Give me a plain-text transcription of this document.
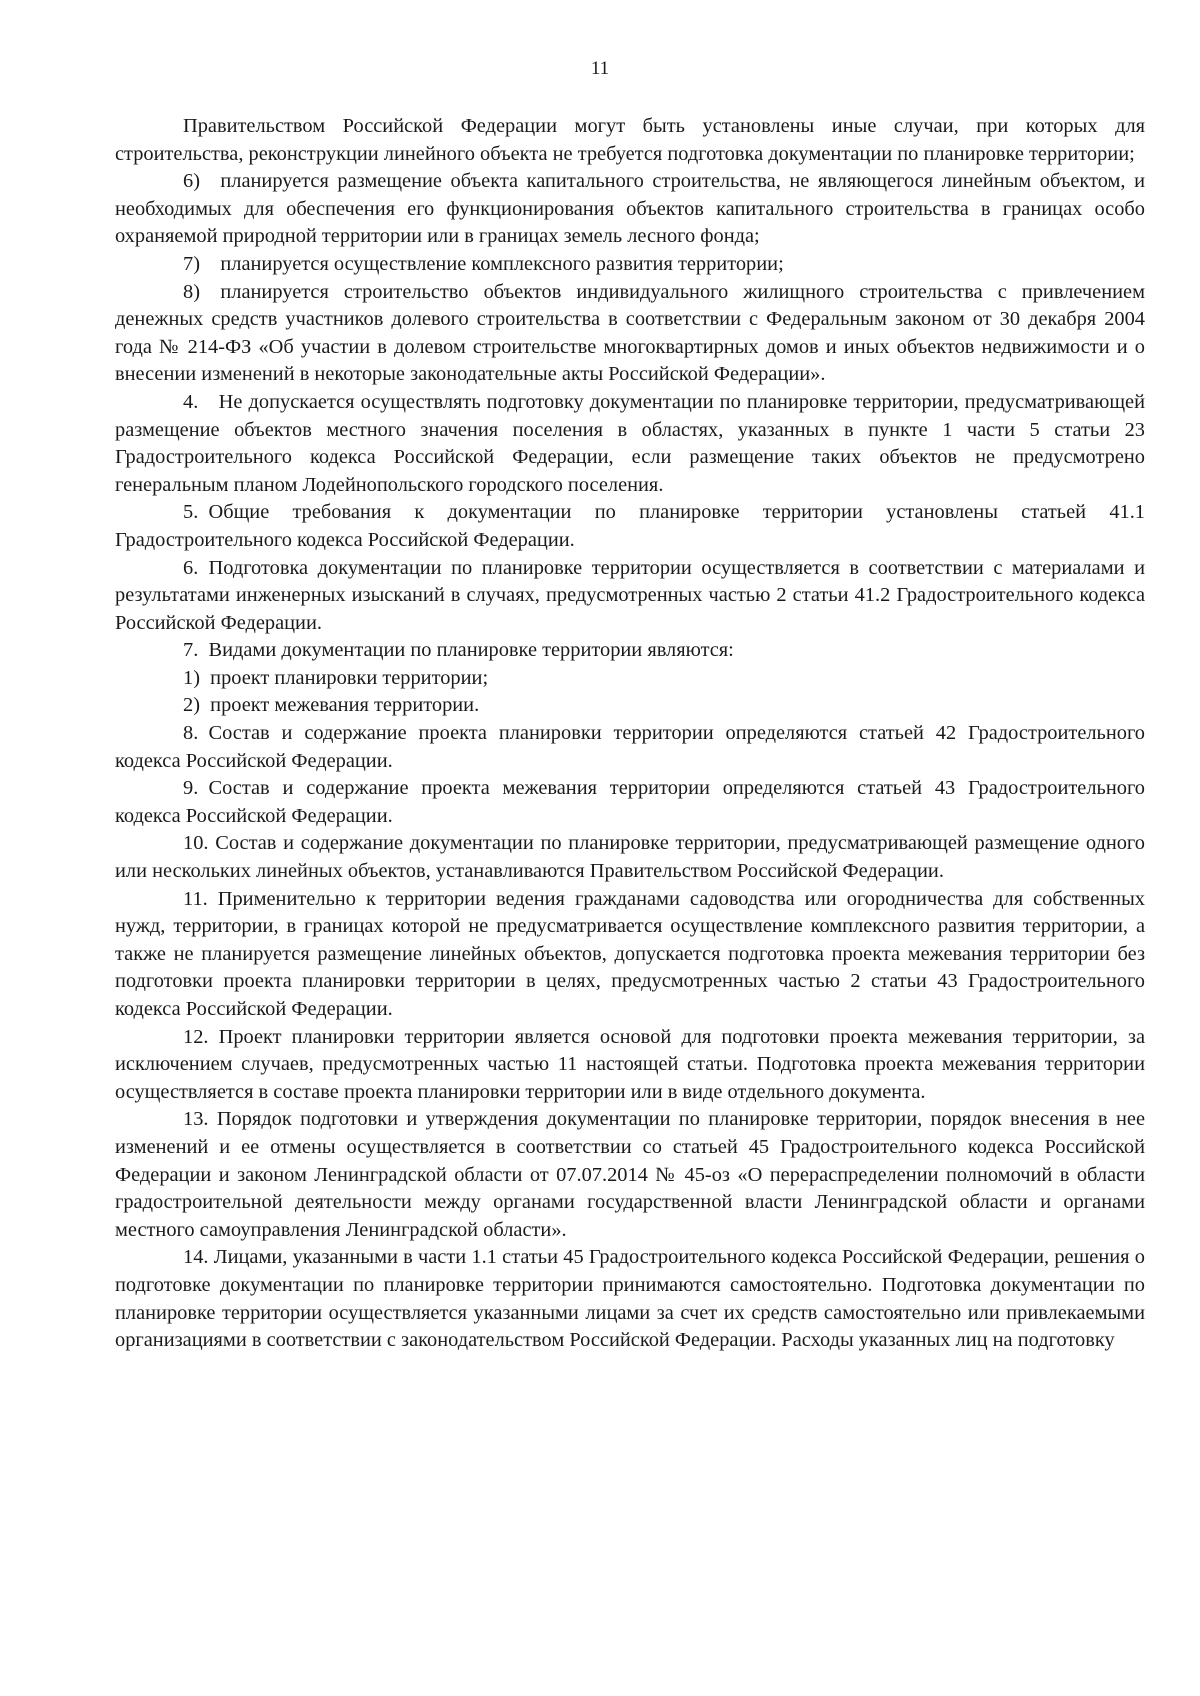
11

Правительством Российской Федерации могут быть установлены иные случаи, при которых для строительства, реконструкции линейного объекта не требуется подготовка документации по планировке территории;

6) планируется размещение объекта капитального строительства, не являющегося линейным объектом, и необходимых для обеспечения его функционирования объектов капитального строительства в границах особо охраняемой природной территории или в границах земель лесного фонда;

7) планируется осуществление комплексного развития территории;

8) планируется строительство объектов индивидуального жилищного строительства с привлечением денежных средств участников долевого строительства в соответствии с Федеральным законом от 30 декабря 2004 года № 214-ФЗ «Об участии в долевом строительстве многоквартирных домов и иных объектов недвижимости и о внесении изменений в некоторые законодательные акты Российской Федерации».

4. Не допускается осуществлять подготовку документации по планировке территории, предусматривающей размещение объектов местного значения поселения в областях, указанных в пункте 1 части 5 статьи 23 Градостроительного кодекса Российской Федерации, если размещение таких объектов не предусмотрено генеральным планом Лодейнопольского городского поселения.

5. Общие требования к документации по планировке территории установлены статьей 41.1 Градостроительного кодекса Российской Федерации.

6. Подготовка документации по планировке территории осуществляется в соответствии с материалами и результатами инженерных изысканий в случаях, предусмотренных частью 2 статьи 41.2 Градостроительного кодекса Российской Федерации.

7. Видами документации по планировке территории являются:

1) проект планировки территории;

2) проект межевания территории.

8. Состав и содержание проекта планировки территории определяются статьей 42 Градостроительного кодекса Российской Федерации.

9. Состав и содержание проекта межевания территории определяются статьей 43 Градостроительного кодекса Российской Федерации.

10. Состав и содержание документации по планировке территории, предусматривающей размещение одного или нескольких линейных объектов, устанавливаются Правительством Российской Федерации.

11. Применительно к территории ведения гражданами садоводства или огородничества для собственных нужд, территории, в границах которой не предусматривается осуществление комплексного развития территории, а также не планируется размещение линейных объектов, допускается подготовка проекта межевания территории без подготовки проекта планировки территории в целях, предусмотренных частью 2 статьи 43 Градостроительного кодекса Российской Федерации.

12. Проект планировки территории является основой для подготовки проекта межевания территории, за исключением случаев, предусмотренных частью 11 настоящей статьи. Подготовка проекта межевания территории осуществляется в составе проекта планировки территории или в виде отдельного документа.

13. Порядок подготовки и утверждения документации по планировке территории, порядок внесения в нее изменений и ее отмены осуществляется в соответствии со статьей 45 Градостроительного кодекса Российской Федерации и законом Ленинградской области от 07.07.2014 № 45-оз «О перераспределении полномочий в области градостроительной деятельности между органами государственной власти Ленинградской области и органами местного самоуправления Ленинградской области».

14. Лицами, указанными в части 1.1 статьи 45 Градостроительного кодекса Российской Федерации, решения о подготовке документации по планировке территории принимаются самостоятельно. Подготовка документации по планировке территории осуществляется указанными лицами за счет их средств самостоятельно или привлекаемыми организациями в соответствии с законодательством Российской Федерации. Расходы указанных лиц на подготовку
